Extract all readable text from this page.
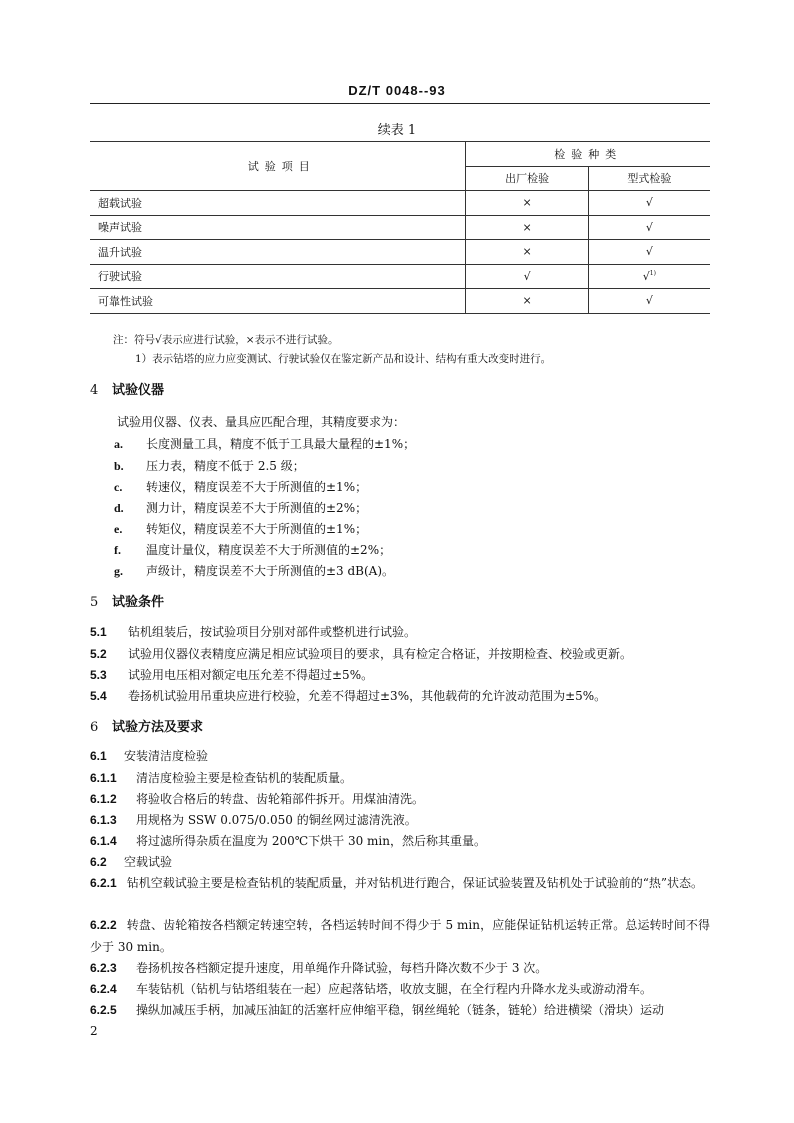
DZ/T 0048--93
续表 1
试验项目	检验种类	
	出厂检验	型式检验
超载试验	×	√
噪声试验	×	√
温升试验	×	√
行驶试验	√	√$^{1)}$
可靠性试验	×	√
注：符号√表示应进行试验，×表示不进行试验。
1）表示钻塔的应力应变测试、行驶试验仅在鉴定新产品和设计、结构有重大改变时进行。
4 试验仪器
试验用仪器、仪表、量具应匹配合理，其精度要求为：
a. 长度测量工具，精度不低于工具最大量程的±1%；
b. 压力表，精度不低于 2.5 级；
c. 转速仪，精度误差不大于所测值的±1%；
d. 测力计，精度误差不大于所测值的±2%；
e. 转矩仪，精度误差不大于所测值的±1%；
f. 温度计量仪，精度误差不大于所测值的±2%；
g. 声级计，精度误差不大于所测值的±3 dB(A)。
5 试验条件
5.1 钻机组装后，按试验项目分别对部件或整机进行试验。
5.2 试验用仪器仪表精度应满足相应试验项目的要求，具有检定合格证，并按期检查、校验或更新。
5.3 试验用电压相对额定电压允差不得超过±5%。
5.4 卷扬机试验用吊重块应进行校验，允差不得超过±3%，其他载荷的允许波动范围为±5%。
6 试验方法及要求
6.1 安装清洁度检验
6.1.1 清洁度检验主要是检查钻机的装配质量。
6.1.2 将验收合格后的转盘、齿轮箱部件拆开。用煤油清洗。
6.1.3 用规格为 SSW 0.075/0.050 的铜丝网过滤清洗液。
6.1.4 将过滤所得杂质在温度为 200℃下烘干 30 min，然后称其重量。
6.2 空载试验
6.2.1 钻机空载试验主要是检查钻机的装配质量，并对钻机进行跑合，保证试验装置及钻机处于试验前的“热”状态。
6.2.2 转盘、齿轮箱按各档额定转速空转，各档运转时间不得少于 5 min，应能保证钻机运转正常。总运转时间不得少于 30 min。
6.2.3 卷扬机按各档额定提升速度，用单绳作升降试验，每档升降次数不少于 3 次。
6.2.4 车装钻机（钻机与钻塔组装在一起）应起落钻塔，收放支腿，在全行程内升降水龙头或游动滑车。
6.2.5 操纵加减压手柄，加减压油缸的活塞杆应伸缩平稳，钢丝绳轮（链条，链轮）给进横梁（滑块）运动
2
